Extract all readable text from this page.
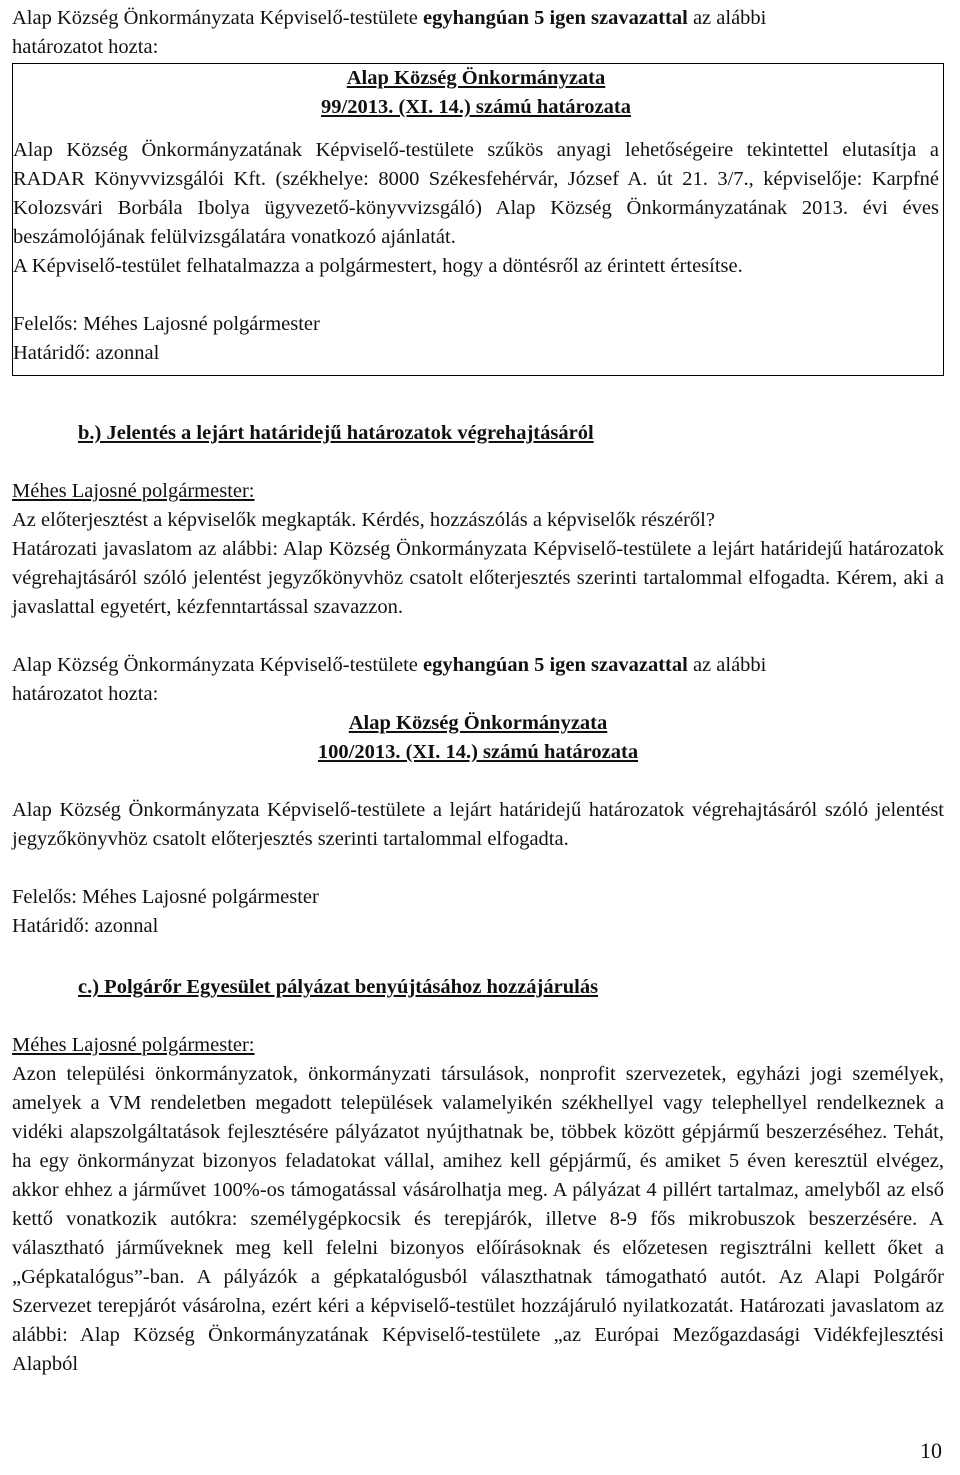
Alap Község Önkormányzata Képviselő-testülete egyhangúan 5 igen szavazattal az alábbi

határozatot hozta:

Alap Község Önkormányzata

99/2013. (XI. 14.) számú határozata

Alap Község Önkormányzatának Képviselő-testülete szűkös anyagi lehetőségeire tekintettel elutasítja a RADAR Könyvvizsgálói Kft. (székhelye: 8000 Székesfehérvár, József A. út 21. 3/7., képviselője: Karpfné Kolozsvári Borbála Ibolya ügyvezető-könyvvizsgáló) Alap Község Önkormányzatának 2013. évi éves beszámolójának felülvizsgálatára vonatkozó ajánlatát.

A Képviselő-testület felhatalmazza a polgármestert, hogy a döntésről az érintett értesítse.

Felelős: Méhes Lajosné polgármester

Határidő: azonnal

b.) Jelentés a lejárt határidejű határozatok végrehajtásáról

Méhes Lajosné polgármester:

Az előterjesztést a képviselők megkapták. Kérdés, hozzászólás a képviselők részéről?

Határozati javaslatom az alábbi: Alap Község Önkormányzata Képviselő-testülete a lejárt határidejű határozatok végrehajtásáról szóló jelentést jegyzőkönyvhöz csatolt előterjesztés szerinti tartalommal elfogadta. Kérem, aki a javaslattal egyetért, kézfenntartással szavazzon.

Alap Község Önkormányzata Képviselő-testülete egyhangúan 5 igen szavazattal az alábbi

határozatot hozta:

Alap Község Önkormányzata

100/2013. (XI. 14.) számú határozata

Alap Község Önkormányzata Képviselő-testülete a lejárt határidejű határozatok végrehajtásáról szóló jelentést jegyzőkönyvhöz csatolt előterjesztés szerinti tartalommal elfogadta.

Felelős: Méhes Lajosné polgármester

Határidő: azonnal

c.) Polgárőr Egyesület pályázat benyújtásához hozzájárulás

Méhes Lajosné polgármester:

Azon települési önkormányzatok, önkormányzati társulások, nonprofit szervezetek, egyházi jogi személyek, amelyek a VM rendeletben megadott települések valamelyikén székhellyel vagy telephellyel rendelkeznek a vidéki alapszolgáltatások fejlesztésére pályázatot nyújthatnak be, többek között gépjármű beszerzéséhez. Tehát, ha egy önkormányzat bizonyos feladatokat vállal, amihez kell gépjármű, és amiket 5 éven keresztül elvégez, akkor ehhez a járművet 100%-os támogatással vásárolhatja meg. A pályázat 4 pillért tartalmaz, amelyből az első kettő vonatkozik autókra: személygépkocsik és terepjárók, illetve 8-9 fős mikrobuszok beszerzésére. A választható járműveknek meg kell felelni bizonyos előírásoknak és előzetesen regisztrálni kellett őket a „Gépkatalógus”-ban. A pályázók a gépkatalógusból választhatnak támogatható autót. Az Alapi Polgárőr Szervezet terepjárót vásárolna, ezért kéri a képviselő-testület hozzájáruló nyilatkozatát. Határozati javaslatom az alábbi: Alap Község Önkormányzatának Képviselő-testülete „az Európai Mezőgazdasági Vidékfejlesztési Alapból

10
